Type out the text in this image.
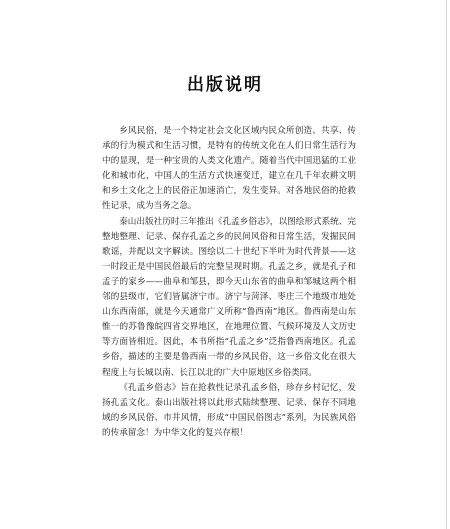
出版说明

乡风民俗，是一个特定社会文化区域内民众所创造、共享、传承的行为模式和生活习惯，是特有的传统文化在人们日常生活行为中的显现，是一种宝贵的人类文化遗产。随着当代中国迅猛的工业化和城市化，中国人的生活方式快速变迁，建立在几千年农耕文明和乡土文化之上的民俗正加速消亡，发生变异。对各地民俗的抢救性记录，成为当务之急。

泰山出版社历时三年推出《孔孟乡俗志》，以图绘形式系统、完整地整理、记录、保存孔孟之乡的民间风俗和日常生活，发掘民间歌谣，并配以文字解读。图绘以二十世纪下半叶为时代背景——这一时段正是中国民俗最后的完整呈现时期。孔孟之乡，就是孔子和孟子的家乡——曲阜和邹县，即今天山东省的曲阜和邹城这两个相邻的县级市，它们皆属济宁市。济宁与菏泽、枣庄三个地级市地处山东西南部，就是今天通常广义所称“鲁西南”地区。鲁西南是山东惟一的苏鲁豫皖四省交界地区，在地理位置、气候环境及人文历史等方面皆相近。因此，本书所指“孔孟之乡”泛指鲁西南地区。孔孟乡俗，描述的主要是鲁西南一带的乡风民俗，这一乡俗文化在很大程度上与长城以南、长江以北的广大中原地区乡俗类同。

《孔孟乡俗志》旨在抢救性记录孔孟乡俗，珍存乡村记忆，发扬孔孟文化。泰山出版社将以此形式陆续整理、记录、保存不同地域的乡风民俗、市井风情，形成“中国民俗图志”系列，为民族风俗的传承留念！为中华文化的复兴存根！
